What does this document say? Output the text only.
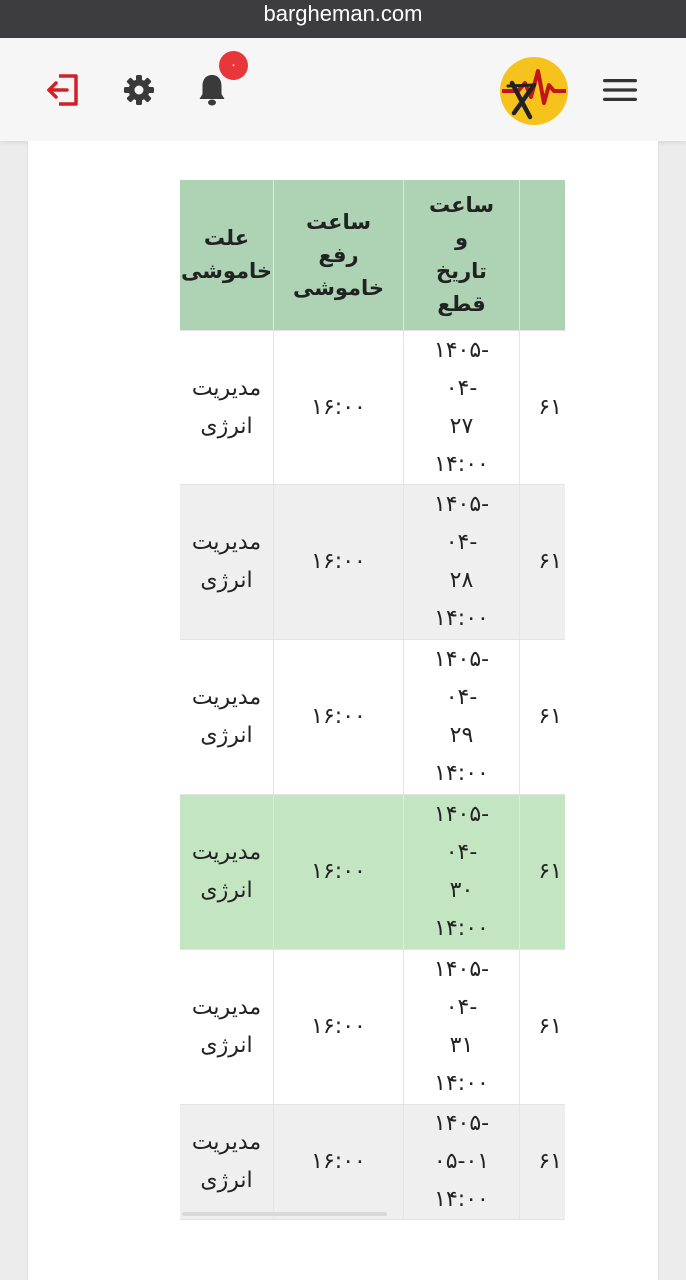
bargheman.com
۰
علت
خاموشی
ساعت
رفع
خاموشی
ساعت
و
تاریخ
قطع
مدیریت
انرژی
۱۶:۰۰
۱۴۰۵-
۰۴-
۲۷
۱۴:۰۰
۶۱
مدیریت
انرژی
۱۶:۰۰
۱۴۰۵-
۰۴-
۲۸
۱۴:۰۰
۶۱
مدیریت
انرژی
۱۶:۰۰
۱۴۰۵-
۰۴-
۲۹
۱۴:۰۰
۶۱
مدیریت
انرژی
۱۶:۰۰
۱۴۰۵-
۰۴-
۳۰
۱۴:۰۰
۶۱
مدیریت
انرژی
۱۶:۰۰
۱۴۰۵-
۰۴-
۳۱
۱۴:۰۰
۶۱
مدیریت
انرژی
۱۶:۰۰
۱۴۰۵-
۰۵-۰۱
۱۴:۰۰
۶۱
